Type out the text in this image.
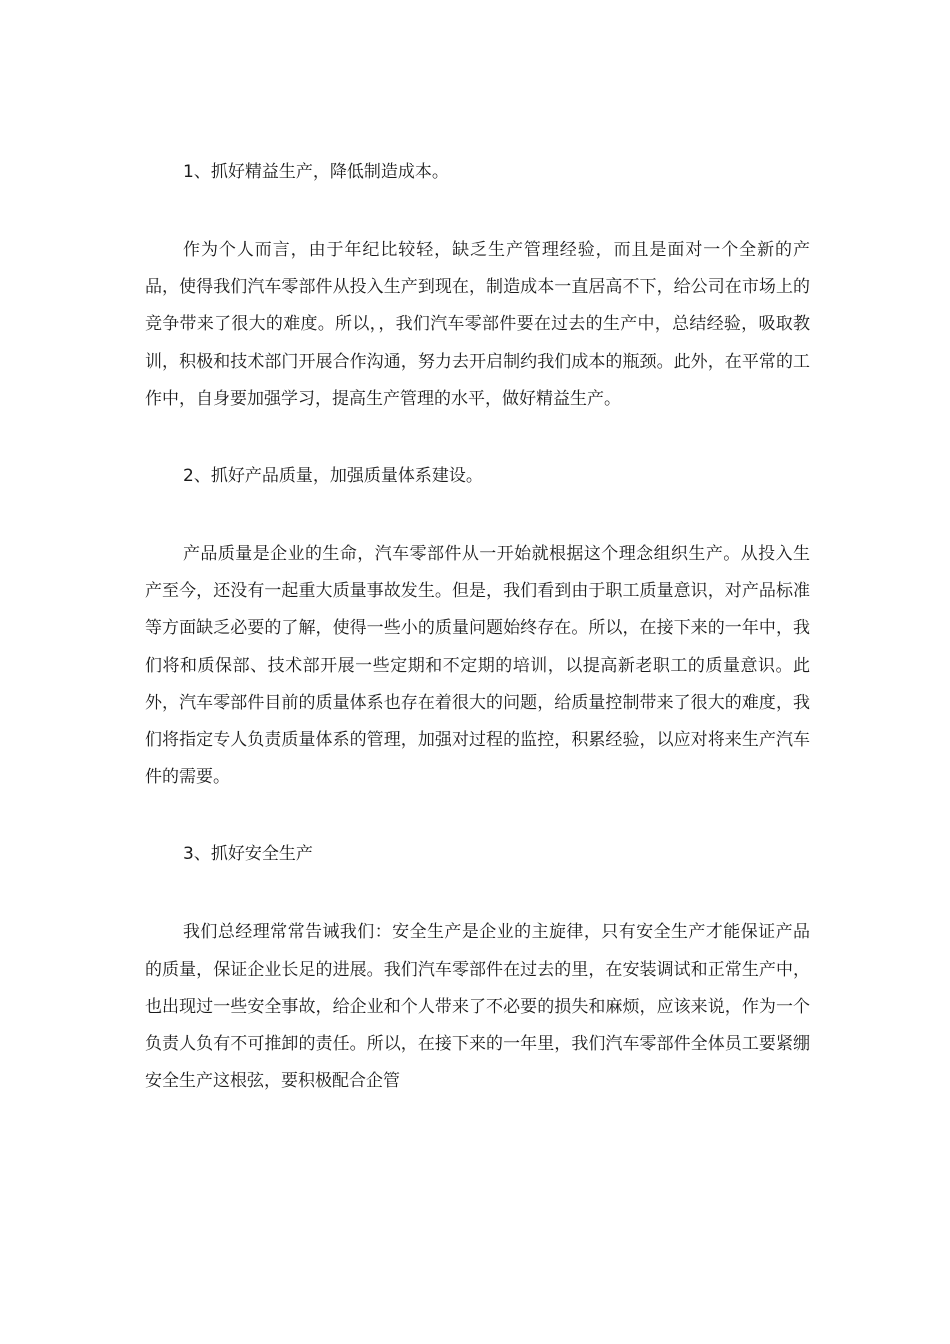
1、抓好精益生产，降低制造成本。

作为个人而言，由于年纪比较轻，缺乏生产管理经验，而且是面对一个全新的产品，使得我们汽车零部件从投入生产到现在，制造成本一直居高不下，给公司在市场上的竞争带来了很大的难度。所以，，我们汽车零部件要在过去的生产中，总结经验，吸取教训，积极和技术部门开展合作沟通，努力去开启制约我们成本的瓶颈。此外，在平常的工作中，自身要加强学习，提高生产管理的水平，做好精益生产。

2、抓好产品质量，加强质量体系建设。

产品质量是企业的生命，汽车零部件从一开始就根据这个理念组织生产。从投入生产至今，还没有一起重大质量事故发生。但是，我们看到由于职工质量意识，对产品标准等方面缺乏必要的了解，使得一些小的质量问题始终存在。所以，在接下来的一年中，我们将和质保部、技术部开展一些定期和不定期的培训，以提高新老职工的质量意识。此外，汽车零部件目前的质量体系也存在着很大的问题，给质量控制带来了很大的难度，我们将指定专人负责质量体系的管理，加强对过程的监控，积累经验，以应对将来生产汽车件的需要。

3、抓好安全生产

我们总经理常常告诫我们：安全生产是企业的主旋律，只有安全生产才能保证产品的质量，保证企业长足的进展。我们汽车零部件在过去的里，在安装调试和正常生产中，也出现过一些安全事故，给企业和个人带来了不必要的损失和麻烦，应该来说，作为一个负责人负有不可推卸的责任。所以，在接下来的一年里，我们汽车零部件全体员工要紧绷安全生产这根弦，要积极配合企管
